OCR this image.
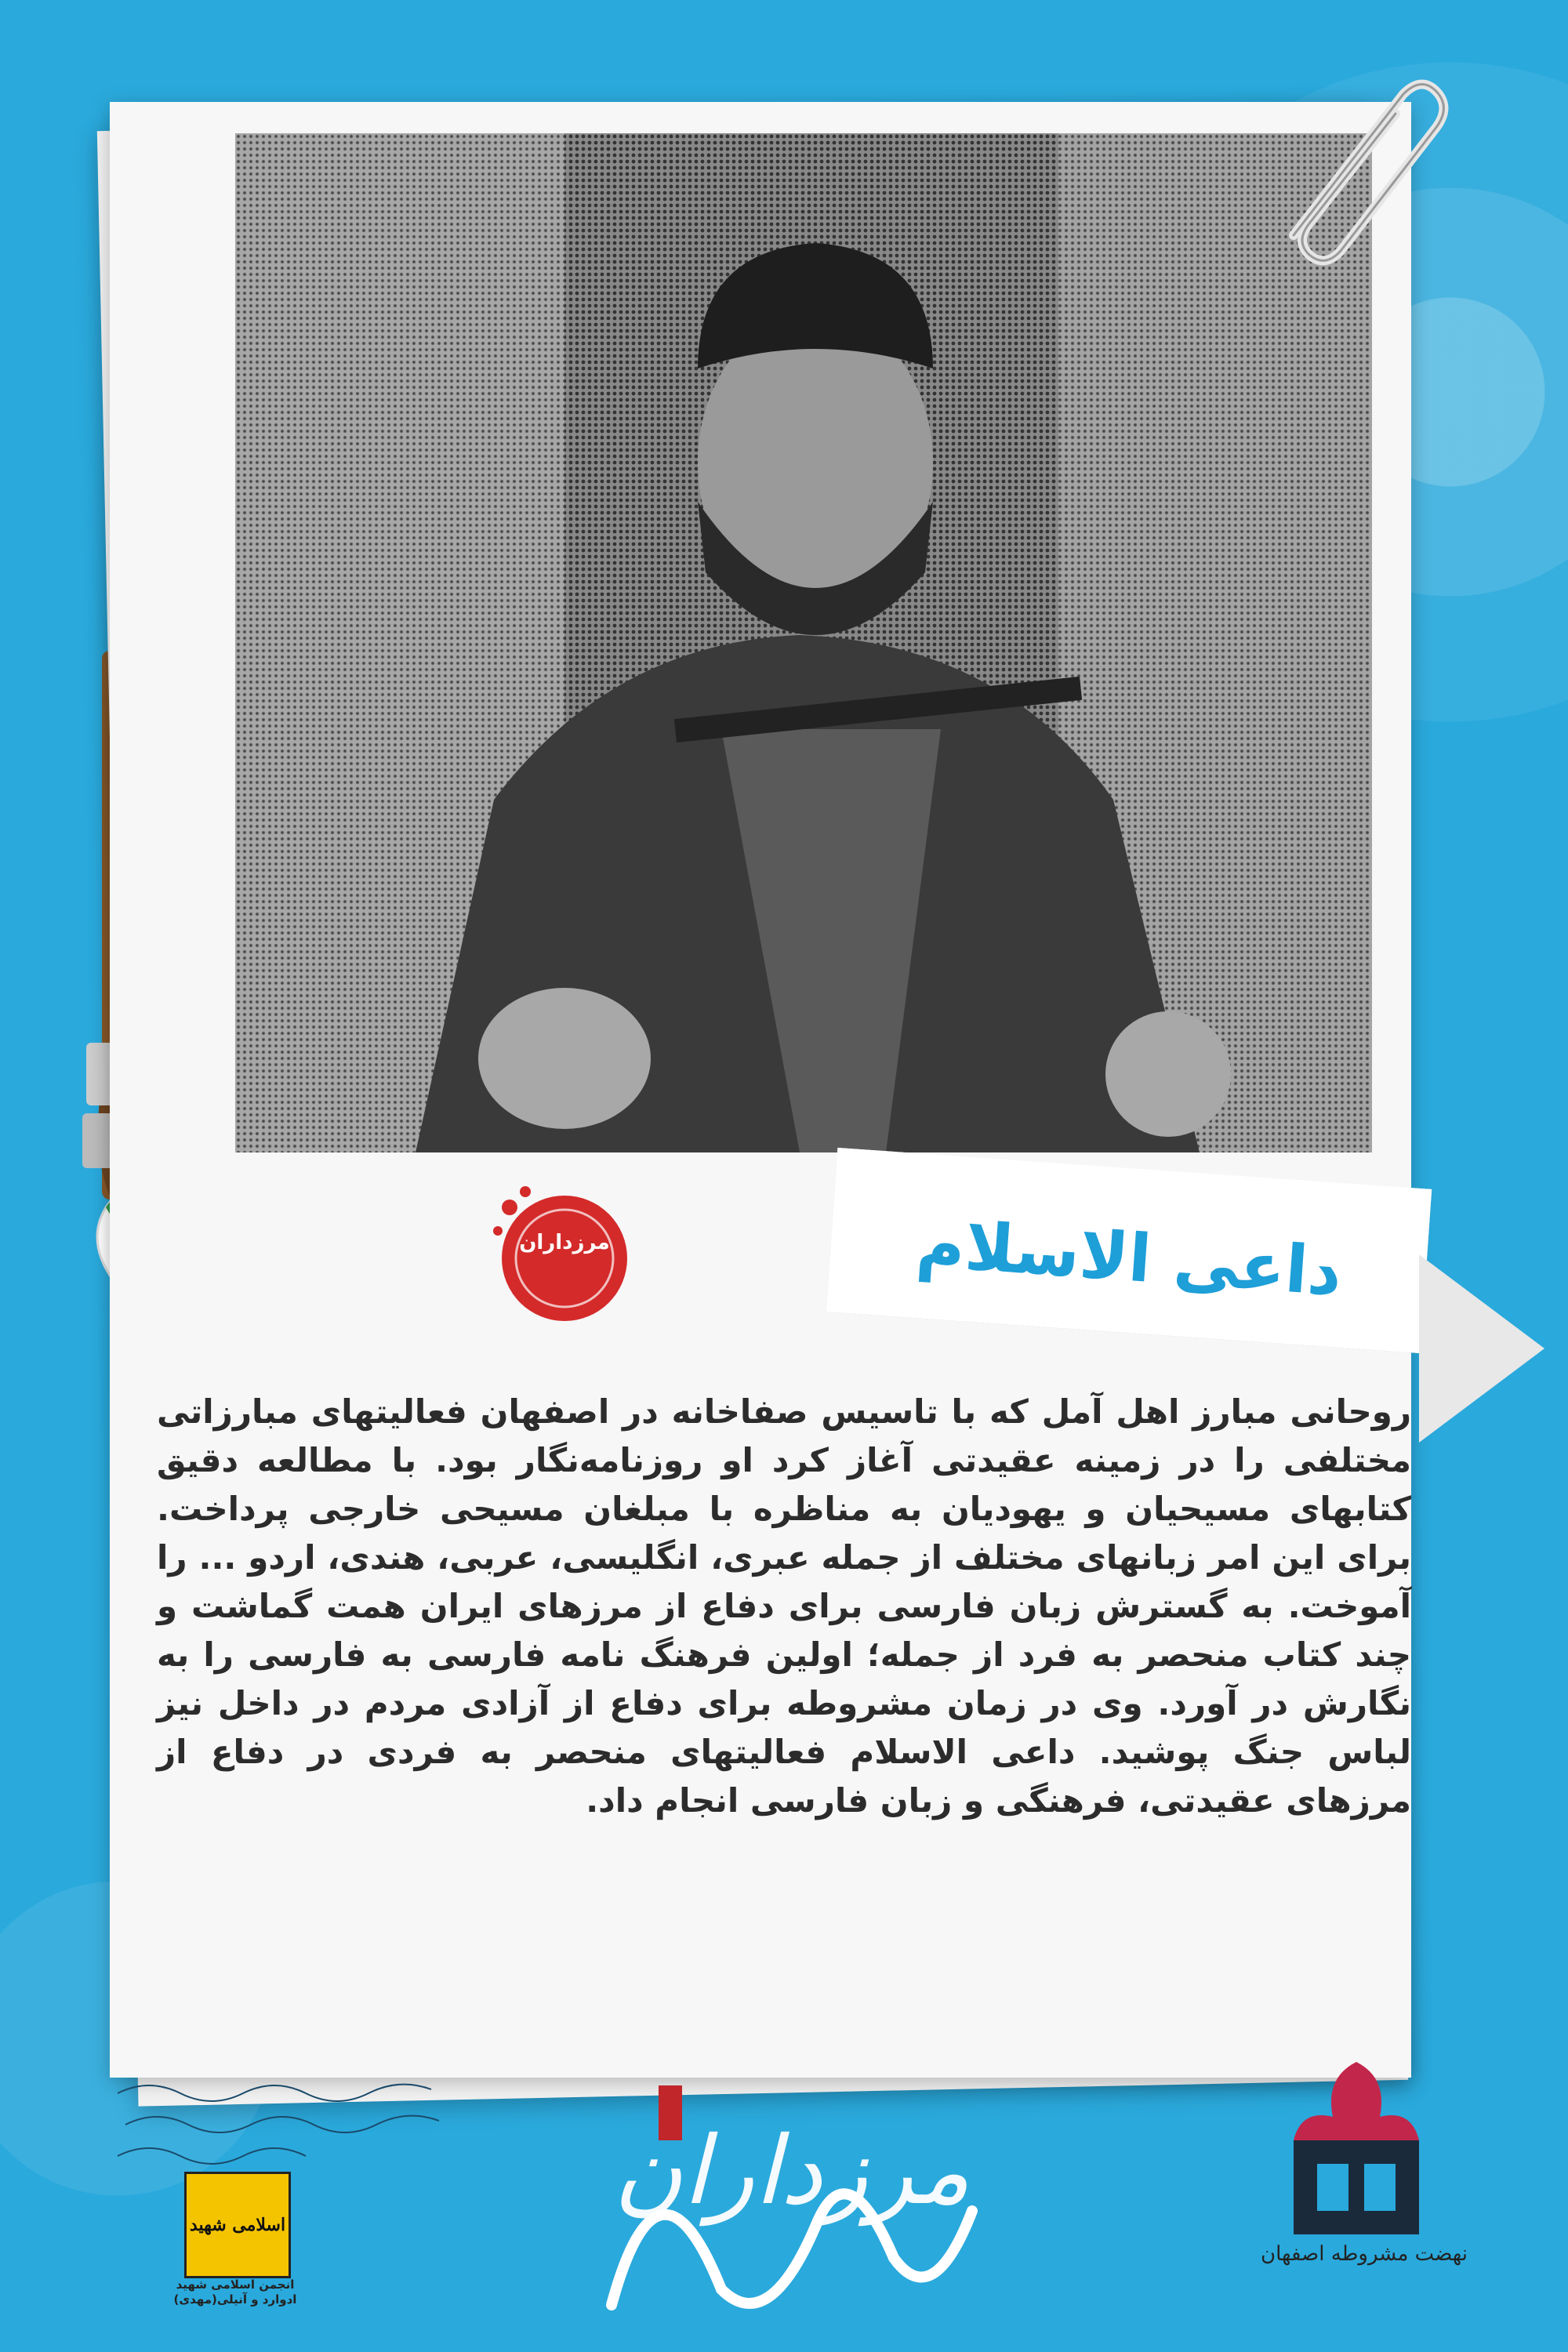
داعی الاسلام
مرزداران
روحانی مبارز اهل آمل که با تاسیس صفاخانه در اصفهان فعالیتهای مبارزاتی مختلفی را در زمینه عقیدتی آغاز کرد او روزنامه‌نگار بود. با مطالعه دقیق کتابهای مسیحیان و یهودیان به مناظره با مبلغان مسیحی خارجی پرداخت. برای این امر زبانهای مختلف از جمله عبری، انگلیسی، عربی، هندی، اردو ... را آموخت. به گسترش زبان فارسی برای دفاع از مرزهای ایران همت گماشت و چند کتاب منحصر به فرد از جمله؛ اولین فرهنگ نامه فارسی به فارسی را به نگارش در آورد. وی در زمان مشروطه برای دفاع از آزادی مردم در داخل نیز لباس جنگ پوشید. داعی الاسلام فعالیتهای منحصر به فردی در دفاع از مرزهای عقیدتی، فرهنگی و زبان فارسی انجام داد.
مرزداران
نهضت مشروطه اصفهان
اسلامی شهید
انجمن اسلامی شهید ادوارد و آنیلی(مهدی)
